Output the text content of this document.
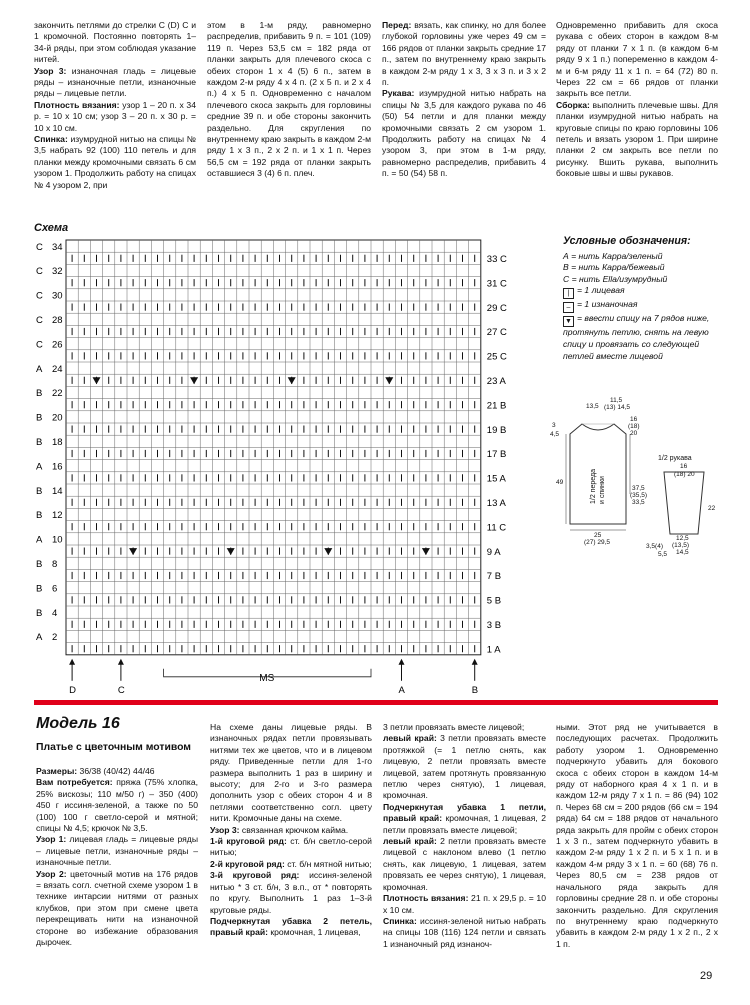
закончить петлями до стрелки C (D) С и 1 кромочной. Постоянно повторять 1–34-й ряды, при этом соблюдая указание нитей.

Узор 3: изнаночная гладь = лицевые ряды – изнаночные петли, изнаночные ряды – лицевые петли.

Плотность вязания: узор 1 – 20 п. х 34 р. = 10 х 10 см; узор 3 – 20 п. х 30 р. = 10 х 10 см.

Спинка: изумрудной нитью на спицы № 3,5 набрать 92 (100) 110 петель и для планки между кромочными связать 6 см узором 1. Продолжить работу на спицах № 4 узором 2, при

этом в 1-м ряду, равномерно распределив, прибавить 9 п. = 101 (109) 119 п. Через 53,5 см = 182 ряда от планки закрыть для плечевого скоса с обеих сторон 1 х 4 (5) 6 п., затем в каждом 2-м ряду 4 х 4 п. (2 х 5 п. и 2 х 4 п.) 4 х 5 п. Одновременно с началом плечевого скоса закрыть для горловины средние 39 п. и обе стороны закончить раздельно. Для скругления по внутреннему краю закрыть в каждом 2-м ряду 1 х 3 п., 2 х 2 п. и 1 х 1 п. Через 56,5 см = 192 ряда от планки закрыть оставшиеся 3 (4) 6 п. плеч.

Перед: вязать, как спинку, но для более глубокой горловины уже через 49 см = 166 рядов от планки закрыть средние 17 п., затем по внутреннему краю закрыть в каждом 2-м ряду 1 х 3, 3 х 3 п. и 3 х 2 п.

Рукава: изумрудной нитью набрать на спицы № 3,5 для каждого рукава по 46 (50) 54 петли и для планки между кромочными связать 2 см узором 1. Продолжить работу на спицах № 4 узором 3, при этом в 1-м ряду, равномерно распределив, прибавить 4 п. = 50 (54) 58 п.

Одновременно прибавить для скоса рукава с обеих сторон в каждом 8-м ряду от планки 7 х 1 п. (в каждом 6-м ряду 9 х 1 п.) попеременно в каждом 4-м и 6-м ряду 11 х 1 п. = 64 (72) 80 п. Через 22 см = 66 рядов от планки закрыть все петли.

Сборка: выполнить плечевые швы. Для планки изумрудной нитью набрать на круговые спицы по краю горловины 106 петель и вязать узором 1. При ширине планки 2 см закрыть все петли по рисунку. Вшить рукава, выполнить боковые швы и швы рукавов.

Схема
C 34
C 32
C 30
C 28
C 26
A 24
B 22
B 20
B 18
A 16
B 14
B 12
A 10
B 8
B 6
B 4
A 2
33 C
31 C
29 C
27 C
25 C
23 A
21 B
19 B
17 B
15 A
13 A
11 C
9 A
7 B
5 B
3 B
1 A
MS
D	C	A	B
Условные обозначения:
А = нить Карра/зеленый
В = нить Карра/бежевый
С = нить Ella/изумрудный
| = 1 лицевая
– = 1 изнаночная
▼ = ввести спицу на 7 рядов ниже, протянуть петлю, снять на левую спицу и провязать со следующей петлей вместе лицевой
3
4,5
13,5
11,5
(13) 14,5
16
(18)
20
49
37,5
(35,5)
33,5
25
(27) 29,5
1/2 переда и спинки
1/2 рукава
16
(18) 20
22
12,5
(13,5)
14,5
3,5(4)
5,5
Модель 16
Платье с цветочным мотивом

Размеры: 36/38 (40/42) 44/46

Вам потребуется: пряжа (75% хлопка, 25% вискозы; 110 м/50 г) – 350 (400) 450 г иссиня-зеленой, а также по 50 (100) 100 г светло-серой и мятной; спицы № 4,5; крючок № 3,5.

Узор 1: лицевая гладь = лицевые ряды – лицевые петли, изнаночные ряды – изнаночные петли.

Узор 2: цветочный мотив на 176 рядов = вязать согл. счетной схеме узором 1 в технике интарсии нитями от разных клубков, при этом при смене цвета перекрещивать нити на изнаночной стороне во избежание образования дырочек.

На схеме даны лицевые ряды. В изнаночных рядах петли провязывать нитями тех же цветов, что и в лицевом ряду. Приведенные петли для 1-го размера выполнить 1 раз в ширину и высоту; для 2-го и 3-го размера дополнить узор с обеих сторон 4 и 8 петлями соответственно согл. цвету нити. Кромочные даны на схеме.

Узор 3: связанная крючком кайма.

1-й круговой ряд: ст. б/н светло-серой нитью;

2-й круговой ряд: ст. б/н мятной нитью;

3-й круговой ряд: иссиня-зеленой нитью * 3 ст. б/н, 3 в.п., от * повторять по кругу. Выполнить 1 раз 1–3-й круговые ряды.

Подчеркнутая убавка 2 петель, правый край: кромочная, 1 лицевая,

3 петли провязать вместе лицевой;

левый край: 3 петли провязать вместе протяжкой (= 1 петлю снять, как лицевую, 2 петли провязать вместе лицевой, затем протянуть провязанную петлю через снятую), 1 лицевая, кромочная.

Подчеркнутая убавка 1 петли, правый край: кромочная, 1 лицевая, 2 петли провязать вместе лицевой;

левый край: 2 петли провязать вместе лицевой с наклоном влево (1 петлю снять, как лицевую, 1 лицевая, затем провязать ее через снятую), 1 лицевая, кромочная.

Плотность вязания: 21 п. х 29,5 р. = 10 х 10 см.

Спинка: иссиня-зеленой нитью набрать на спицы 108 (116) 124 петли и связать 1 изнаночный ряд изнаноч-

ными. Этот ряд не учитывается в последующих расчетах. Продолжить работу узором 1. Одновременно подчеркнуто убавить для бокового скоса с обеих сторон в каждом 14-м ряду от наборного края 4 х 1 п. и в каждом 12-м ряду 7 х 1 п. = 86 (94) 102 п. Через 68 см = 200 рядов (66 см = 194 ряда) 64 см = 188 рядов от начального ряда закрыть для пройм с обеих сторон 1 х 3 п., затем подчеркнуто убавить в каждом 2-м ряду 1 х 2 п. и 5 х 1 п. и в каждом 4-м ряду 3 х 1 п. = 60 (68) 76 п. Через 80,5 см = 238 рядов от начального ряда закрыть для горловины средние 28 п. и обе стороны закончить раздельно. Для скругления по внутреннему краю подчеркнуто убавить в каждом 2-м ряду 1 х 2 п., 2 х 1 п.

29
